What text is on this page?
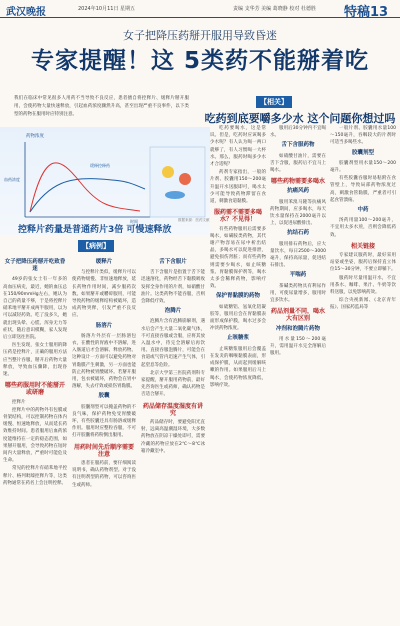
武汉晚报	2024年10月11日 星期五	责编 支华芳 美编 葛晓静 校对 杜德胜 特稿13
女子把降压药掰开服用导致昏迷
专家提醒！这 5类药不能掰着吃
我们在临床中常见很多人用药不当导致不良反应，患者擅自将控释片、缓释片掰开服用，会使药物大量快速释放，引起血药浓度骤然升高，甚至出现严重不良事件，以下类型的药物在服用时应特别注意。
药物浓度
血药浓度
时间
缓释控释药
控释片药量是普通药片3倍 可慢速释放
数据来源：医药文献
【病例】
【相关】
吃药到底要嚼多少水 这个问题你想过吗
女子把降压药掰开吃致昏迷

49岁的张女士有一年多的高血压病史，最近，她的血压总在150/90mmHg左右，她认为自己的药量不够，于是将控释片硝苯地平掰开成两半服用，以为可以减轻药效。吃了没多久，她就出现头晕、心慌、浑身无力等症状，随后意识模糊，家人发现后立即送往医院。

医生发现，张女士服用的降压药是控释片，正确的服用方法应当整片吞服，掰开后药物大量释放，导致血压骤降，出现昏迷。

哪些药服用时不能掰开或研磨

控释片

控释片中的药物外有包膜或骨架结构，可以控制药物在体内缓慢、恒速地释放，从而延长药效维持时间。患者服用后血药浓度能维持在一定的稳态范围，如果掰开服用，会导致药物在短时间内大量释放，严重时可能危及生命。

常见的控释片有硝苯地平控释片、格列吡嗪控释片等，这类药物通常在药名上会注明控释。

缓释片

与控释片类似，缓释片可以使药物缓慢、非恒速地释放，延长药物作用时间，减少服药次数。如果掰开或嚼碎服用，可能导致药物的缓释结构被破坏，造成药物突释，引发严重不良反应。

肠溶片

肠溶片外层有一层肠溶包衣，在酸性的胃液中不溶解，进入肠道后才会溶解、释放药物。这种设计一方面可以避免药物对胃黏膜产生刺激，另一方面也能防止药物被胃酸破坏。若掰开服用，包衣被破坏，药物会在胃中溶解，失去疗效或损伤胃黏膜。

胶囊

胶囊剂型可以掩盖药物的不良气味，保护药物免受胃酸破坏，有些胶囊还具有肠溶或缓释作用。服用时应整粒吞服，不可打开胶囊将药粉倒出服用。

用药时间先后顺序需要注意

患者在服药前，要仔细阅读说明书，确认药物剂型。对于没有注明剂型的药物，可以咨询医生或药师。

舌下含服片

舌下含服片是指置于舌下能迅速溶化，药物经舌下黏膜吸收发挥全身作用的片剂，如硝酸甘油片。这类药物不能吞服，否则会降低疗效。

泡腾片

泡腾片含有泡腾崩解剂，遇水后会产生大量二氧化碳气体，不可直接吞服或含服，应将其放入温水中，待完全溶解后再饮用。直接吞服泡腾片，可能会在食道或气管内迅速产生气体，引起窒息等危险。

北京大学第三医院药剂科专家提醒，掰开服用药物前，最好先咨询医生或药师，确认药物是否适合掰开。

药品储存温度湿度有讲究

药品储存时，要避免阳光直射，远离高温潮湿环境，大多数药物放在阴凉干燥处即可，需要冷藏的药物应放在2℃～8℃冰箱冷藏室中。

吃药要喝水，这是常识。但是，吃药时应该喝多少水呢？有人认为喝一两口就够了，有人习惯喝一大杯水。那么，服药时喝多少水才合适呢？

药剂专家指出，一般的片剂、胶囊用150～200毫升温开水送服即可，喝水太少可能导致药物滞留在食道，刺激食道黏膜。

服药需不需要多喝水？不见得！

有些药物服用后需要多喝水，如磺胺类药物，其代谢产物容易在尿中析出结晶，多喝水可以促进排泄，避免损伤肾脏；而有些药物则需要少喝水，如止咳糖浆、胃黏膜保护剂等，喝水太多会稀释药物，影响疗效。

保护胃黏膜的药物

如硫糖铝、氢氧化铝凝胶等，服用后会在胃黏膜表面形成保护膜，喝水过多会冲淡药物浓度。

止咳糖浆

止咳糖浆服用后会覆盖在发炎的咽喉黏膜表面，形成保护膜，从而起到缓解咳嗽的作用。如果服用后马上喝水，会使药物浓度降低，影响疗效。

服用后30分钟内不宜喝水。

舌下含服药物

如硝酸甘油片，需要在舌下含服，服药后不宜马上喝水。

哪些药物需要多喝水
抗痛风药

服用苯溴马隆等抗痛风药物期间，应多喝水，每天饮水量保持在2000毫升以上，以促进尿酸排出。

抗结石药

服用排石药物后，应大量饮水，每日2500～3000毫升，保持高尿量，促进结石排出。

平喘药

茶碱类药物具有利尿作用，可使尿量增多，服用时宜多饮水。

药品剂量不同，喝水大有区别
冲剂和泡腾片药物

用水量150～200毫升，需用温开水完全溶解后服用。

一般片剂、胶囊用水量100～150毫升，吞咽较大的片剂时可适当多喝些水。

胶囊剂型

胶囊剂型用水量150～200毫升。

有些胶囊吞服时易粘附在食管壁上，导致局部药物浓度过高，刺激食管黏膜，严重者可引起食管溃疡。

中药

汤药用量100～200毫升，不宜用太多水煎，否则会降低药效。

相关链接

专家建议服药时，最好采用站姿或坐姿，服药后保持直立体位15～30分钟，不要立即躺下。

服药时尽量用温开水，不宜用茶水、咖啡、果汁、牛奶等饮料送服，以免影响药效。

综合央视新闻、《北京青年报》、国家药监局等
